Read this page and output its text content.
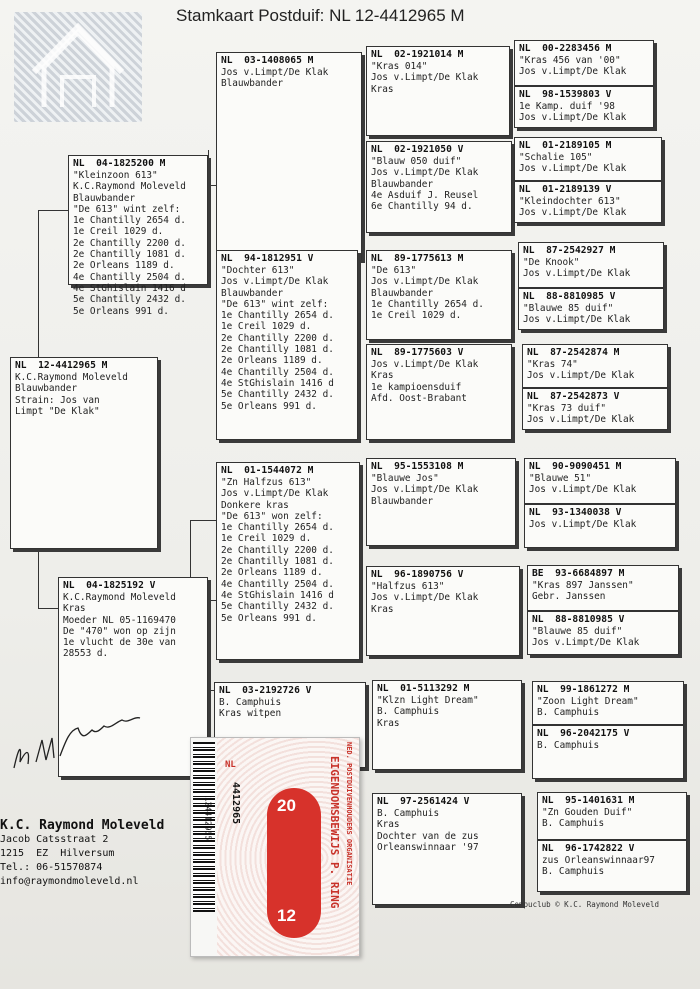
Stamkaart Postduif: NL 12-4412965 M
NL  12-4412965 M
K.C.Raymond Moleveld
Blauwbander
Strain: Jos van
Limpt "De Klak"
NL  04-1825200 M
"Kleinzoon 613"
K.C.Raymond Moleveld
Blauwbander
"De 613" wint zelf:
1e Chantilly 2654 d.
1e Creil 1029 d.
2e Chantilly 2200 d.
2e Chantilly 1081 d.
2e Orleans 1189 d.
4e Chantilly 2504 d.
4e StGhislain 1416 d
5e Chantilly 2432 d.
5e Orleans 991 d.
NL  04-1825192 V
K.C.Raymond Moleveld
Kras
Moeder NL 05-1169470
De "470" won op zijn
1e vlucht de 30e van
28553 d.
NL  03-1408065 M
Jos v.Limpt/De Klak
Blauwbander
NL  94-1812951 V
"Dochter 613"
Jos v.Limpt/De Klak
Blauwbander
"De 613" wint zelf:
1e Chantilly 2654 d.
1e Creil 1029 d.
2e Chantilly 2200 d.
2e Chantilly 1081 d.
2e Orleans 1189 d.
4e Chantilly 2504 d.
4e StGhislain 1416 d
5e Chantilly 2432 d.
5e Orleans 991 d.
NL  01-1544072 M
"Zn Halfzus 613"
Jos v.Limpt/De Klak
Donkere kras
"De 613" won zelf:
1e Chantilly 2654 d.
1e Creil 1029 d.
2e Chantilly 2200 d.
2e Chantilly 1081 d.
2e Orleans 1189 d.
4e Chantilly 2504 d.
4e StGhislain 1416 d
5e Chantilly 2432 d.
5e Orleans 991 d.
NL  03-2192726 V
B. Camphuis
Kras witpen
NL  02-1921014 M
"Kras 014"
Jos v.Limpt/De Klak
Kras
NL  02-1921050 V
"Blauw 050 duif"
Jos v.Limpt/De Klak
Blauwbander
4e Asduif J. Reusel
6e Chantilly 94 d.
NL  89-1775613 M
"De 613"
Jos v.Limpt/De Klak
Blauwbander
1e Chantilly 2654 d.
1e Creil 1029 d.
NL  89-1775603 V
Jos v.Limpt/De Klak
Kras
1e kampioensduif
Afd. Oost-Brabant
NL  95-1553108 M
"Blauwe Jos"
Jos v.Limpt/De Klak
Blauwbander
NL  96-1890756 V
"Halfzus 613"
Jos v.Limpt/De Klak
Kras
NL  01-5113292 M
"Klzn Light Dream"
B. Camphuis
Kras
NL  97-2561424 V
B. Camphuis
Kras
Dochter van de zus
Orleanswinnaar '97
NL  00-2283456 M
"Kras 456 van '00"
Jos v.Limpt/De Klak
NL  98-1539803 V
1e Kamp. duif '98
Jos v.Limpt/De Klak
NL  01-2189105 M
"Schalie 105"
Jos v.Limpt/De Klak
NL  01-2189139 V
"Kleindochter 613"
Jos v.Limpt/De Klak
NL  87-2542927 M
"De Knook"
Jos v.Limpt/De Klak
NL  88-8810985 V
"Blauwe 85 duif"
Jos v.Limpt/De Klak
NL  87-2542874 M
"Kras 74"
Jos v.Limpt/De Klak
NL  87-2542873 V
"Kras 73 duif"
Jos v.Limpt/De Klak
NL  90-9090451 M
"Blauwe 51"
Jos v.Limpt/De Klak
NL  93-1340038 V
Jos v.Limpt/De Klak
BE  93-6684897 M
"Kras 897 Janssen"
Gebr. Janssen
NL  88-8810985 V
"Blauwe 85 duif"
Jos v.Limpt/De Klak
NL  99-1861272 M
"Zoon Light Dream"
B. Camphuis
NL  96-2042175 V
B. Camphuis
NL  95-1401631 M
"Zn Gouden Duif"
B. Camphuis
NL  96-1742822 V
zus Orleanswinnaar97
B. Camphuis
K.C. Raymond Moleveld
Jacob Catsstraat 2
1215  EZ  Hilversum
Tel.: 06-51570874
info@raymondmoleveld.nl
Compuclub © K.C. Raymond Moleveld
124412965	NED. POSTDUIVENHOUDERS ORGANISATIE
EIGENDOMSBEWIJS P. RING
NL
4412965 20
12
